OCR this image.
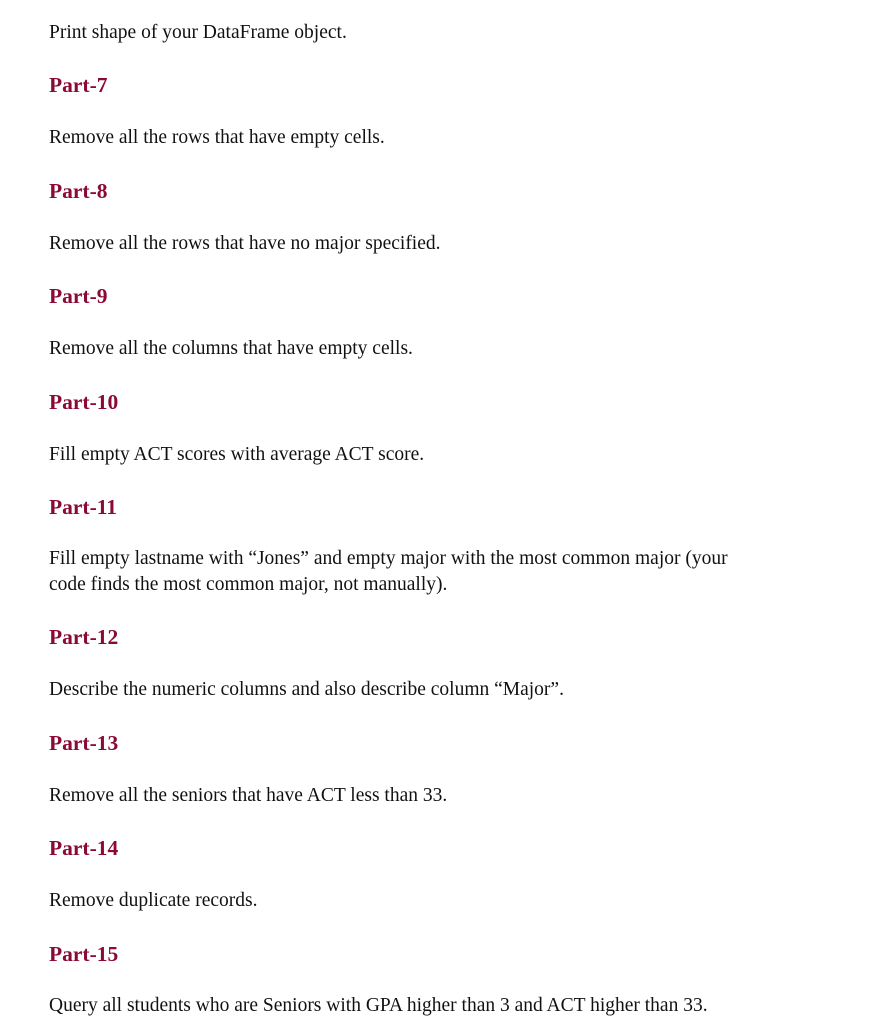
Print shape of your DataFrame object.

Part-7

Remove all the rows that have empty cells.

Part-8

Remove all the rows that have no major specified.

Part-9

Remove all the columns that have empty cells.

Part-10

Fill empty ACT scores with average ACT score.

Part-11

Fill empty lastname with “Jones” and empty major with the most common major (your

code finds the most common major, not manually).

Part-12

Describe the numeric columns and also describe column “Major”.

Part-13

Remove all the seniors that have ACT less than 33.

Part-14

Remove duplicate records.

Part-15

Query all students who are Seniors with GPA higher than 3 and ACT higher than 33.
